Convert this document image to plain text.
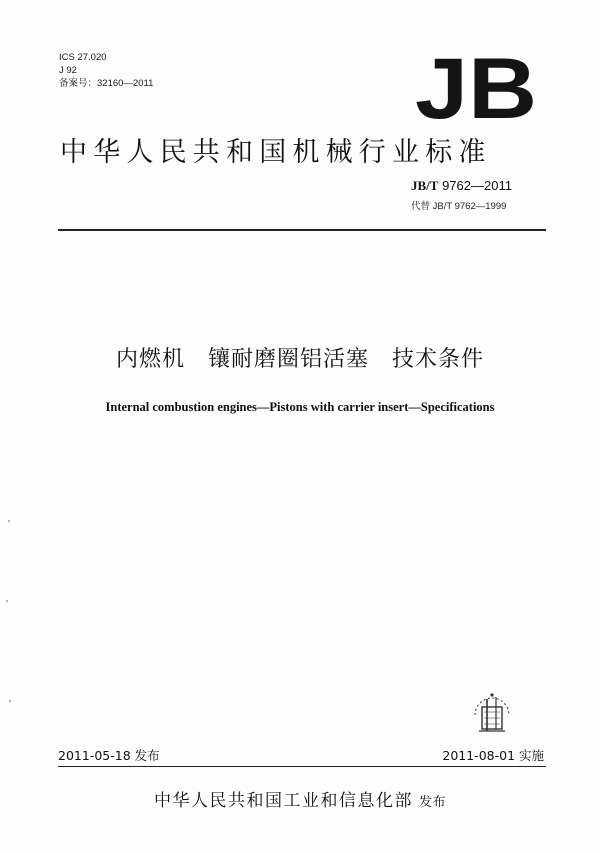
ICS 27.020
J 92
备案号：32160—2011	JB
中华人民共和国机械行业标准
JB/T 9762—2011
代替 JB/T 9762—1999
内燃机　镶耐磨圈铝活塞　技术条件
Internal combustion engines—Pistons with carrier insert—Specifications
2011-05-18 发布	2011-08-01 实施
中华人民共和国工业和信息化部 发布
